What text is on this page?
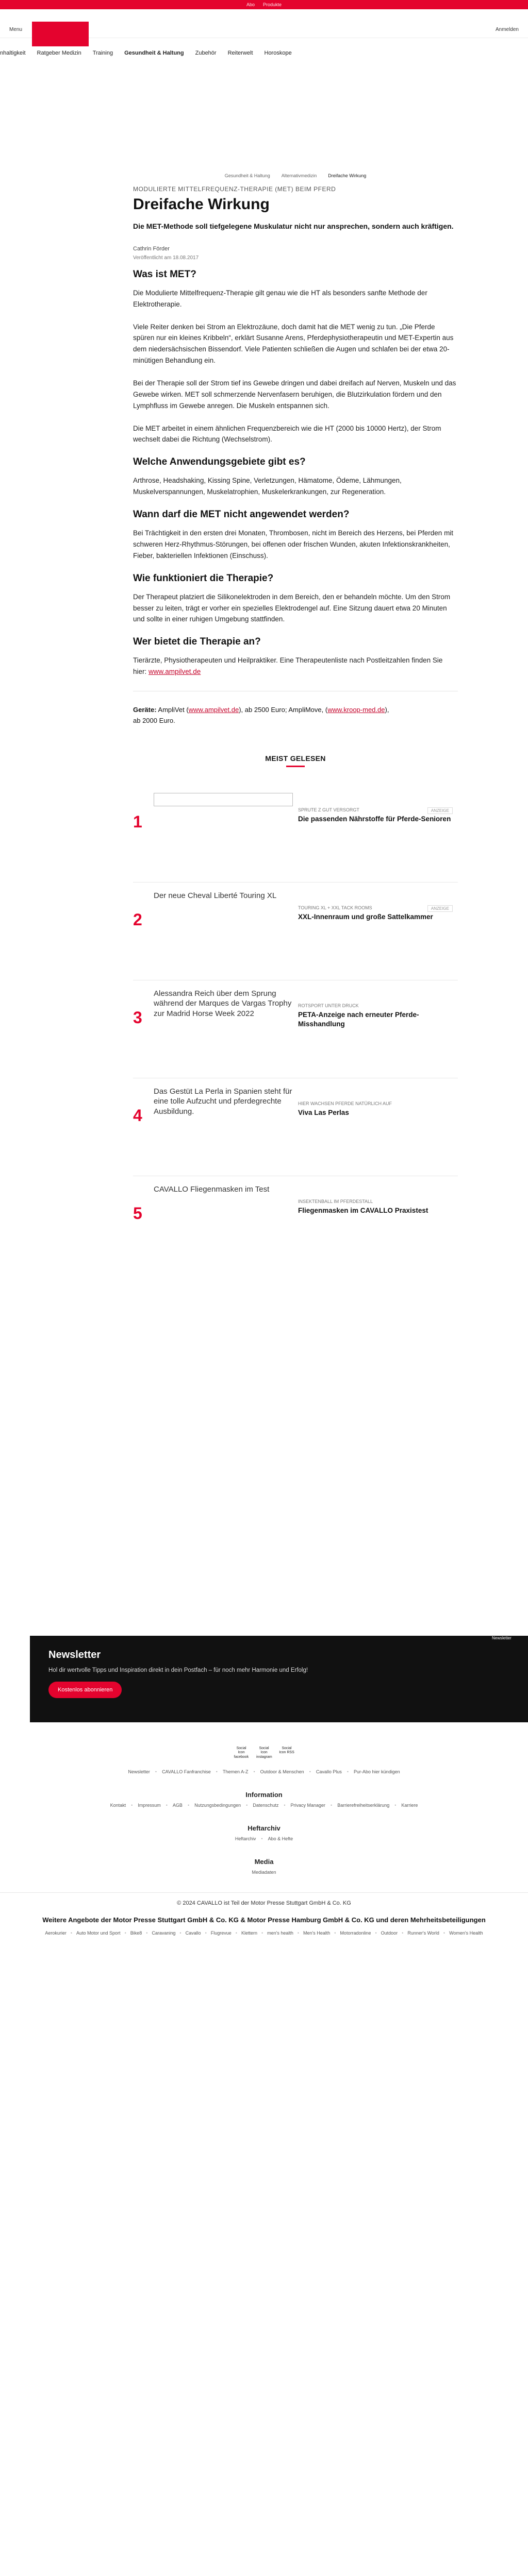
Abo Produkte
Menu	Anmelden
nhaltigkeit Ratgeber Medizin Training Gesundheit & Haltung Zubehör Reiterwelt Horoskope
Gesundheit & Haltung Alternativmedizin Dreifache Wirkung
MODULIERTE MITTELFREQUENZ-THERAPIE (MET) BEIM PFERD
Dreifache Wirkung
Die MET-Methode soll tiefgelegene Muskulatur nicht nur ansprechen, sondern auch kräftigen.
Cathrin Förder
Veröffentlicht am 18.08.2017
Was ist MET?

Die Modulierte Mittelfrequenz-Therapie gilt genau wie die HT als besonders sanfte Methode der Elektrotherapie.

Viele Reiter denken bei Strom an Elektrozäune, doch damit hat die MET wenig zu tun. „Die Pferde spüren nur ein kleines Kribbeln“, erklärt Susanne Arens, Pferdephysiotherapeutin und MET-Expertin aus dem niedersächsischen Bissendorf. Viele Patienten schließen die Augen und schlafen bei der etwa 20-minütigen Behandlung ein.

Bei der Therapie soll der Strom tief ins Gewebe dringen und dabei dreifach auf Nerven, Muskeln und das Gewebe wirken. MET soll schmerzende Nervenfasern beruhigen, die Blutzirkulation fördern und den Lymphfluss im Gewebe anregen. Die Muskeln entspannen sich.

Die MET arbeitet in einem ähnlichen Frequenzbereich wie die HT (2000 bis 10000 Hertz), der Strom wechselt dabei die Richtung (Wechselstrom).

Welche Anwendungsgebiete gibt es?

Arthrose, Headshaking, Kissing Spine, Verletzungen, Hämatome, Ödeme, Lähmungen, Muskelverspannungen, Muskelatrophien, Muskelerkrankungen, zur Regeneration.

Wann darf die MET nicht angewendet werden?

Bei Trächtigkeit in den ersten drei Monaten, Thrombosen, nicht im Bereich des Herzens, bei Pferden mit schweren Herz-Rhythmus-Störungen, bei offenen oder frischen Wunden, akuten Infektionskrankheiten, Fieber, bakteriellen Infektionen (Einschuss).

Wie funktioniert die Therapie?

Der Therapeut platziert die Silikonelektroden in dem Bereich, den er behandeln möchte. Um den Strom besser zu leiten, trägt er vorher ein spezielles Elektrodengel auf. Eine Sitzung dauert etwa 20 Minuten und sollte in einer ruhigen Umgebung stattfinden.

Wer bietet die Therapie an?

Tierärzte, Physiotherapeuten und Heilpraktiker. Eine Therapeutenliste nach Postleitzahlen finden Sie hier: www.ampilvet.de

Geräte: AmpliVet (www.ampilvet.de), ab 2500 Euro; AmpliMove, (www.kroop-med.de),
ab 2000 Euro.
MEIST GELESEN
1
ANZEIGE
SPRUTE Z GUT VERSORGT
Die passenden Nährstoffe für Pferde-Senioren
2
Der neue Cheval Liberté Touring XL
ANZEIGE
TOURING XL + XXL TACK ROOMS
XXL-Innenraum und große Sattelkammer
3
Alessandra Reich über dem Sprung während der Marques de Vargas Trophy zur Madrid Horse Week 2022
ROTSPORT UNTER DRUCK
PETA-Anzeige nach erneuter Pferde-Misshandlung
4
Das Gestüt La Perla in Spanien steht für eine tolle Aufzucht und pferdegrechte Ausbildung.
HIER WACHSEN PFERDE NATÜRLICH AUF
Viva Las Perlas
5
CAVALLO Fliegenmasken im Test
INSEKTENBALL IM PFERDESTALL
Fliegenmasken im CAVALLO Praxistest
Newsletter
Newsletter
Hol dir wertvolle Tipps und Inspiration direkt in dein Postfach – für noch mehr Harmonie und Erfolg!
Kostenlos abonnieren
Social Icon facebook
Social Icon instagram
Social Icon RSS
Newsletter • CAVALLO Fanfranchise • Themen A-Z • Outdoor & Menschen • Cavallo Plus • Pur-Abo hier kündigen
Information
Kontakt • Impressum • AGB • Nutzungsbedingungen • Datenschutz • Privacy Manager • Barrierefreiheitserklärung • Karriere
Heftarchiv
Heftarchiv • Abo & Hefte
Media
Mediadaten
© 2024 CAVALLO ist Teil der Motor Presse Stuttgart GmbH & Co. KG
Weitere Angebote der Motor Presse Stuttgart GmbH & Co. KG & Motor Presse Hamburg GmbH & Co. KG und deren Mehrheitsbeteiligungen
Aerokurier • Auto Motor und Sport • Bike8 • Caravaning • Cavallo • Flugrevue • Klettern • men's health • Men's Health • Motorradonline • Outdoor • Runner's World • Women's Health
